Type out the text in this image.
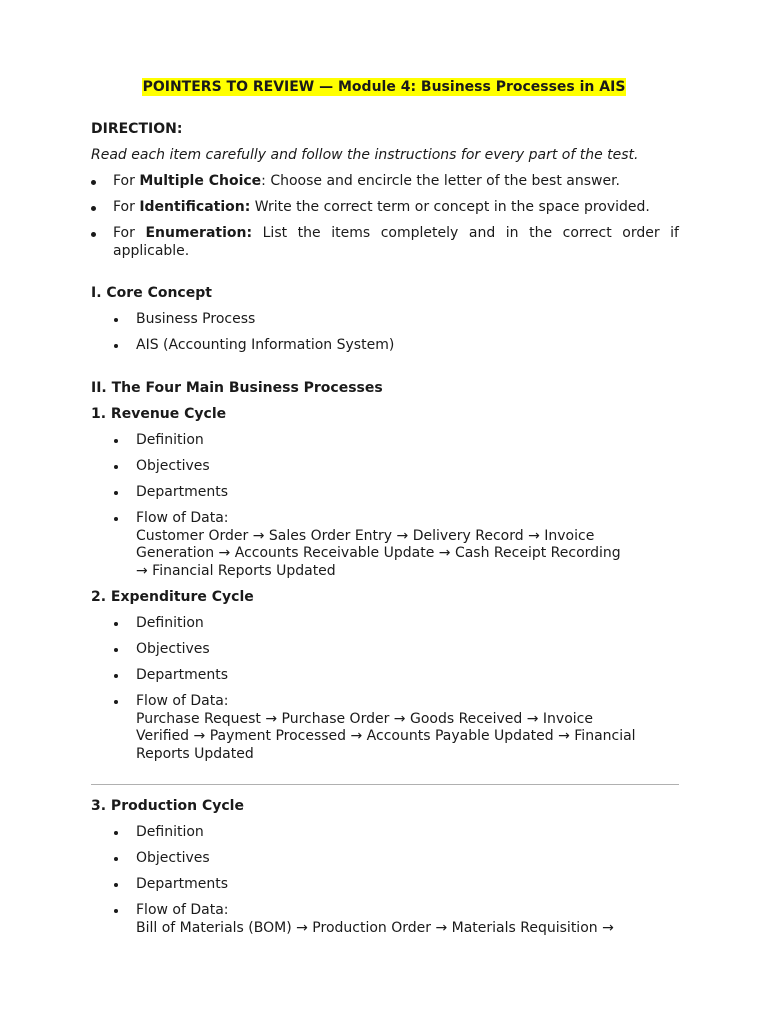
POINTERS TO REVIEW — Module 4: Business Processes in AIS
DIRECTION:
Read each item carefully and follow the instructions for every part of the test.
For Multiple Choice: Choose and encircle the letter of the best answer.
For Identification: Write the correct term or concept in the space provided.
For Enumeration: List the items completely and in the correct order if applicable.
I. Core Concept
Business Process
AIS (Accounting Information System)
II. The Four Main Business Processes
1. Revenue Cycle
Definition
Objectives
Departments
Flow of Data:
Customer Order → Sales Order Entry → Delivery Record → Invoice
Generation → Accounts Receivable Update → Cash Receipt Recording
→ Financial Reports Updated
2. Expenditure Cycle
Definition
Objectives
Departments
Flow of Data:
Purchase Request → Purchase Order → Goods Received → Invoice
Verified → Payment Processed → Accounts Payable Updated → Financial
Reports Updated
3. Production Cycle
Definition
Objectives
Departments
Flow of Data:
Bill of Materials (BOM) → Production Order → Materials Requisition →
